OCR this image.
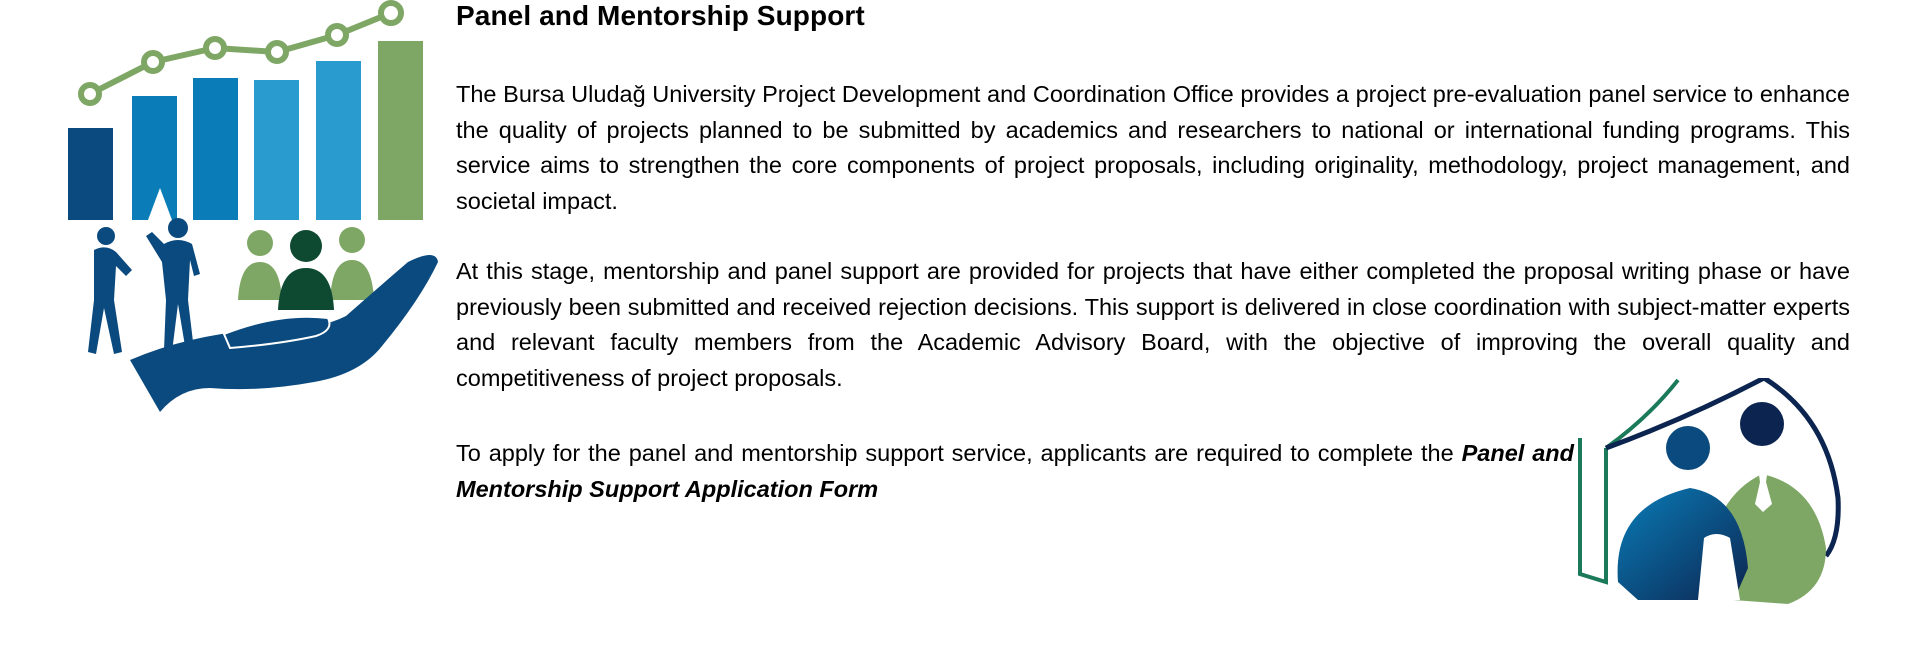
Panel and Mentorship Support

The Bursa Uludağ University Project Development and Coordination Office provides a project pre-evaluation panel service to enhance the quality of projects planned to be submitted by academics and researchers to national or international funding programs. This service aims to strengthen the core components of project proposals, including originality, methodology, project management, and societal impact.

At this stage, mentorship and panel support are provided for projects that have either completed the proposal writing phase or have previously been submitted and received rejection decisions. This support is delivered in close coordination with subject-matter experts and relevant faculty members from the Academic Advisory Board, with the objective of improving the overall quality and competitiveness of project proposals.

To apply for the panel and mentorship support service, applicants are required to complete the Panel and Mentorship Support Application Form
